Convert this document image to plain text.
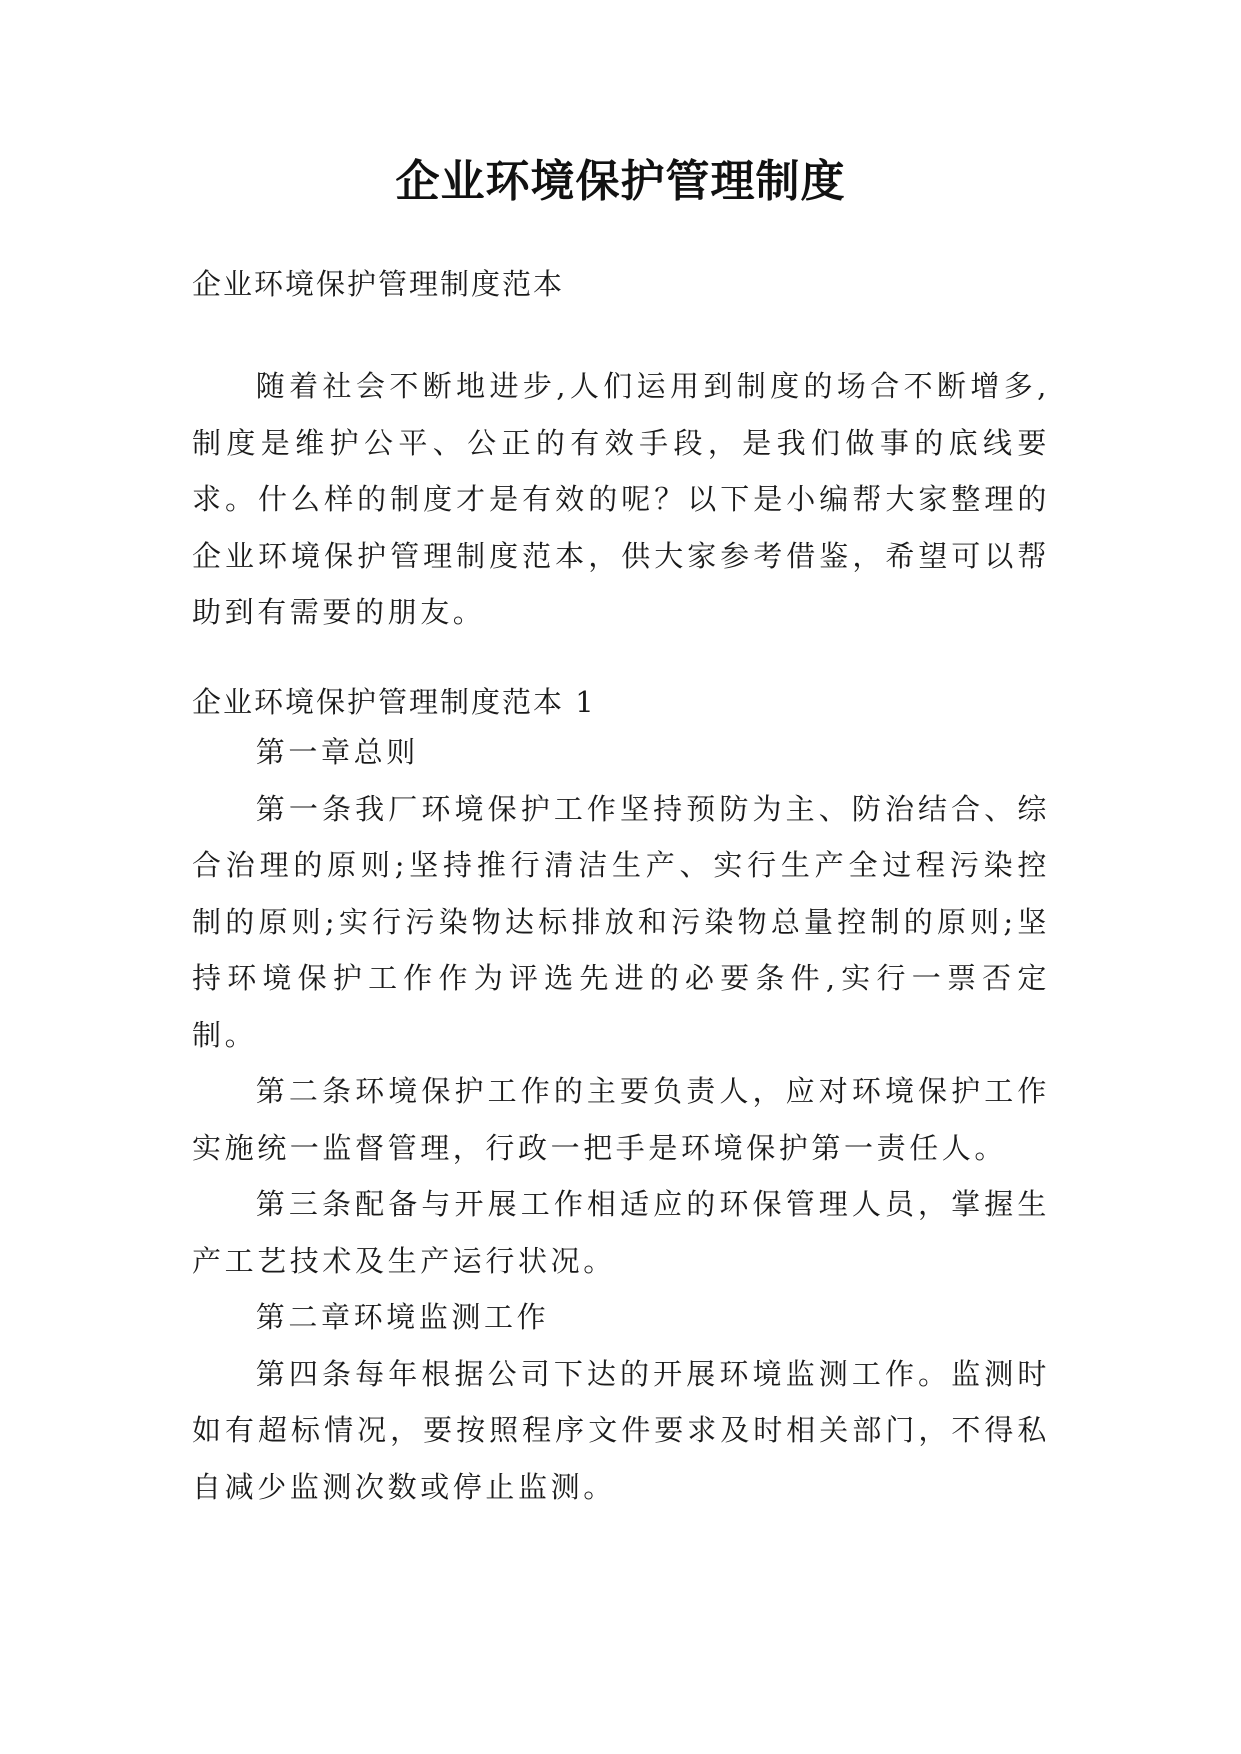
企业环境保护管理制度
企业环境保护管理制度范本

随着社会不断地进步,人们运用到制度的场合不断增多,制度是维护公平、公正的有效手段，是我们做事的底线要求。什么样的制度才是有效的呢？以下是小编帮大家整理的企业环境保护管理制度范本，供大家参考借鉴，希望可以帮助到有需要的朋友。

企业环境保护管理制度范本 1

第一章总则

第一条我厂环境保护工作坚持预防为主、防治结合、综合治理的原则;坚持推行清洁生产、实行生产全过程污染控制的原则;实行污染物达标排放和污染物总量控制的原则;坚持环境保护工作作为评选先进的必要条件,实行一票否定制。

第二条环境保护工作的主要负责人，应对环境保护工作实施统一监督管理，行政一把手是环境保护第一责任人。

第三条配备与开展工作相适应的环保管理人员，掌握生产工艺技术及生产运行状况。

第二章环境监测工作

第四条每年根据公司下达的开展环境监测工作。监测时如有超标情况，要按照程序文件要求及时相关部门，不得私自减少监测次数或停止监测。
